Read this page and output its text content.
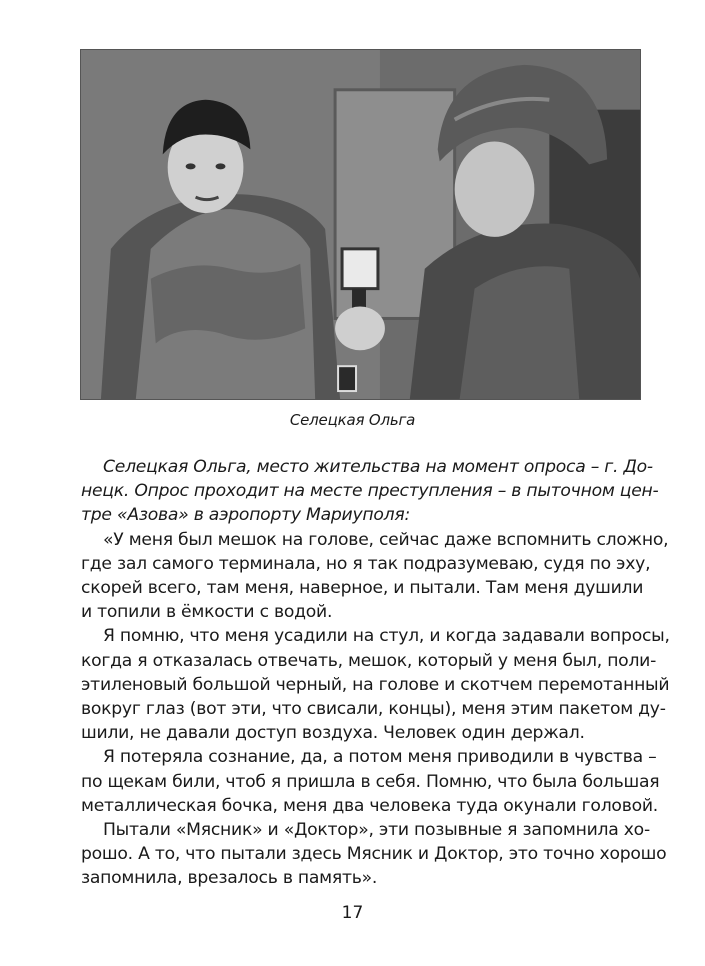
Селецкая Ольга
Селецкая Ольга, место жительства на момент опроса – г. До-
нецк. Опрос проходит на месте преступления – в пыточном цен-
тре «Азова» в аэропорту Мариуполя:
«У меня был мешок на голове, сейчас даже вспомнить сложно,
где зал самого терминала, но я так подразумеваю, судя по эху,
скорей всего, там меня, наверное, и пытали. Там меня душили
и топили в ёмкости с водой.
Я помню, что меня усадили на стул, и когда задавали вопросы,
когда я отказалась отвечать, мешок, который у меня был, поли-
этиленовый большой черный, на голове и скотчем перемотанный
вокруг глаз (вот эти, что свисали, концы), меня этим пакетом ду-
шили, не давали доступ воздуха. Человек один держал.
Я потеряла сознание, да, а потом меня приводили в чувства –
по щекам били, чтоб я пришла в себя. Помню, что была большая
металлическая бочка, меня два человека туда окунали головой.
Пытали «Мясник» и «Доктор», эти позывные я запомнила хо-
рошо. А то, что пытали здесь Мясник и Доктор, это точно хорошо
запомнила, врезалось в память».
17
